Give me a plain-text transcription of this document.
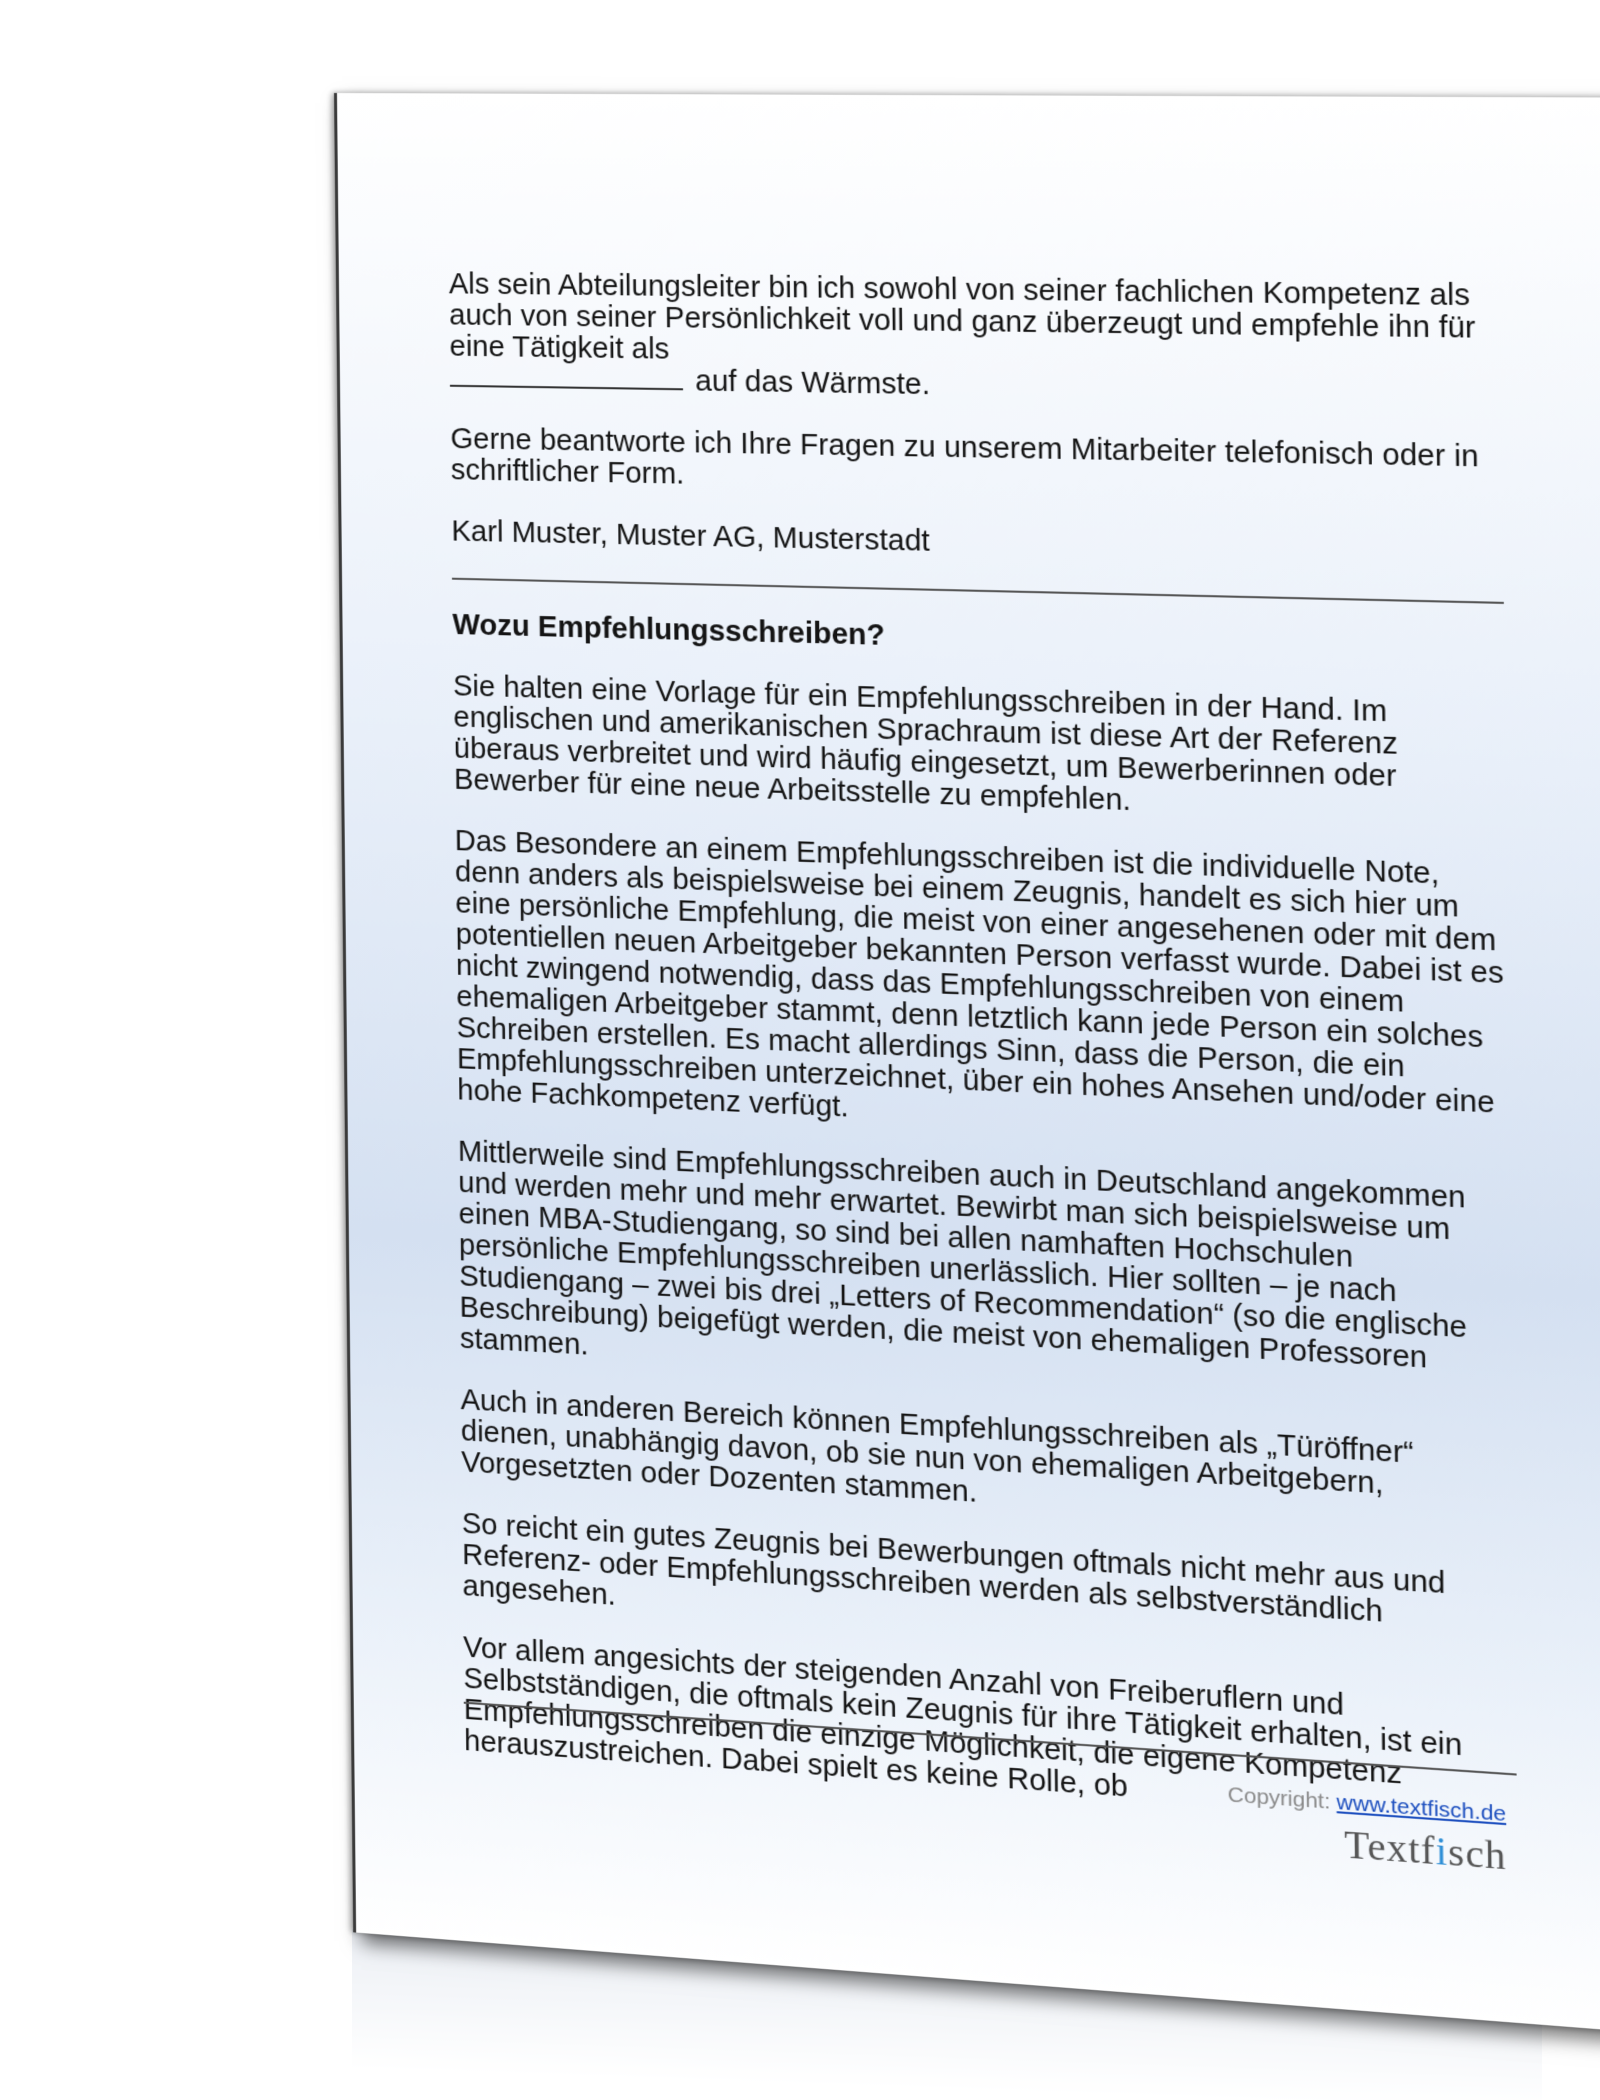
Als sein Abteilungsleiter bin ich sowohl von seiner fachlichen Kompetenz als auch von seiner Persönlichkeit voll und ganz überzeugt und empfehle ihn für eine Tätigkeit als
auf das Wärmste.

Gerne beantworte ich Ihre Fragen zu unserem Mitarbeiter telefonisch oder in schriftlicher Form.

Karl Muster, Muster AG, Musterstadt

Wozu Empfehlungsschreiben?

Sie halten eine Vorlage für ein Empfehlungsschreiben in der Hand. Im englischen und amerikanischen Sprachraum ist diese Art der Referenz überaus verbreitet und wird häufig eingesetzt, um Bewerberinnen oder Bewerber für eine neue Arbeitsstelle zu empfehlen.

Das Besondere an einem Empfehlungsschreiben ist die individuelle Note, denn anders als beispielsweise bei einem Zeugnis, handelt es sich hier um eine persönliche Empfehlung, die meist von einer angesehenen oder mit dem potentiellen neuen Arbeitgeber bekannten Person verfasst wurde. Dabei ist es nicht zwingend notwendig, dass das Empfehlungsschreiben von einem ehemaligen Arbeitgeber stammt, denn letztlich kann jede Person ein solches Schreiben erstellen. Es macht allerdings Sinn, dass die Person, die ein Empfehlungsschreiben unterzeichnet, über ein hohes Ansehen und/oder eine hohe Fachkompetenz verfügt.

Mittlerweile sind Empfehlungsschreiben auch in Deutschland angekommen und werden mehr und mehr erwartet. Bewirbt man sich beispielsweise um einen MBA-Studiengang, so sind bei allen namhaften Hochschulen persönliche Empfehlungsschreiben unerlässlich. Hier sollten – je nach Studiengang – zwei bis drei „Letters of Recommendation“ (so die englische Beschreibung) beigefügt werden, die meist von ehemaligen Professoren stammen.

Auch in anderen Bereich können Empfehlungsschreiben als „Türöffner“ dienen, unabhängig davon, ob sie nun von ehemaligen Arbeitgebern, Vorgesetzten oder Dozenten stammen.

So reicht ein gutes Zeugnis bei Bewerbungen oftmals nicht mehr aus und Referenz- oder Empfehlungsschreiben werden als selbstverständlich angesehen.

Vor allem angesichts der steigenden Anzahl von Freiberuflern und Selbstständigen, die oftmals kein Zeugnis für ihre Tätigkeit erhalten, ist ein Empfehlungsschreiben die einzige Möglichkeit, die eigene Kompetenz herauszustreichen. Dabei spielt es keine Rolle, ob	Copyright: www.textfisch.de
Textfisch
